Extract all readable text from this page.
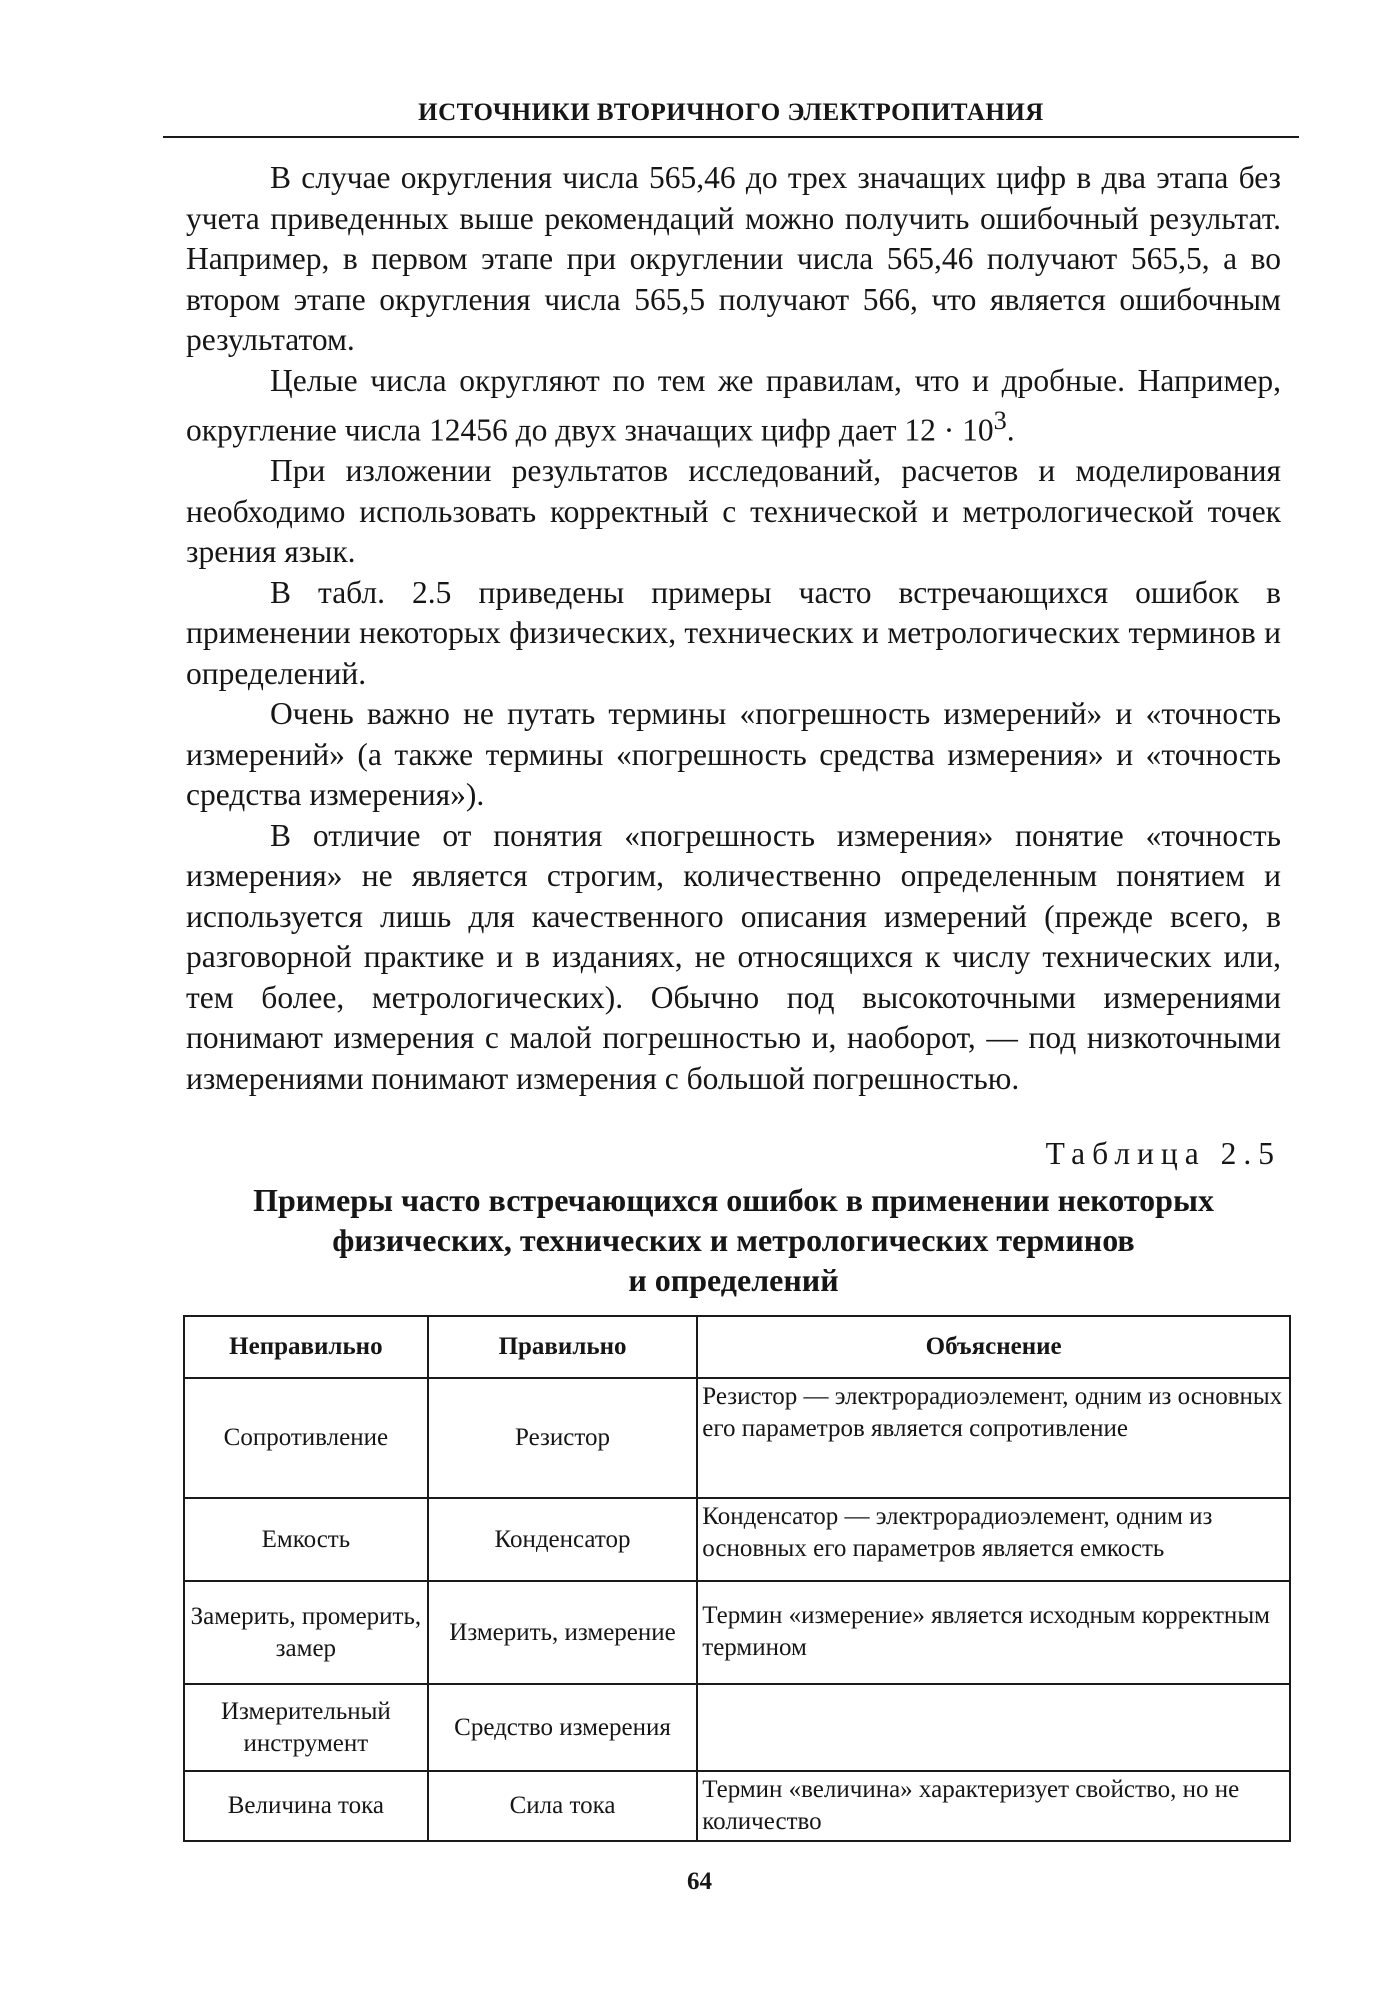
ИСТОЧНИКИ ВТОРИЧНОГО ЭЛЕКТРОПИТАНИЯ

В случае округления числа 565,46 до трех значащих цифр в два этапа без учета приведенных выше рекомендаций можно получить ошибочный результат. Например, в первом этапе при округлении числа 565,46 получают 565,5, а во втором этапе округления числа 565,5 получают 566, что является ошибочным результатом.

Целые числа округляют по тем же правилам, что и дробные. Например, округление числа 12456 до двух значащих цифр дает $12 \cdot 10^3$.

При изложении результатов исследований, расчетов и моделирования необходимо использовать корректный с технической и метрологической точек зрения язык.

В табл. 2.5 приведены примеры часто встречающихся ошибок в применении некоторых физических, технических и метрологических терминов и определений.

Очень важно не путать термины «погрешность измерений» и «точность измерений» (а также термины «погрешность средства измерения» и «точность средства измерения»).

В отличие от понятия «погрешность измерения» понятие «точность измерения» не является строгим, количественно определенным понятием и используется лишь для качественного описания измерений (прежде всего, в разговорной практике и в изданиях, не относящихся к числу технических или, тем более, метрологических). Обычно под высокоточными измерениями понимают измерения с малой погрешностью и, наоборот, — под низкоточными измерениями понимают измерения с большой погрешностью.

Таблица 2.5
Примеры часто встречающихся ошибок в применении некоторых
физических, технических и метрологических терминов
и определений
Неправильно	Правильно	Объяснение
Сопротивление	Резистор	Резистор — электрорадиоэлемент, одним из основных его параметров является сопротивление
Емкость	Конденсатор	Конденсатор — электрорадиоэлемент, одним из основных его параметров является емкость
Замерить, промерить, замер	Измерить, измерение	Термин «измерение» является исходным корректным термином
Измерительный инструмент	Средство измерения	
Величина тока	Сила тока	Термин «величина» характеризует свойство, но не количество
64
